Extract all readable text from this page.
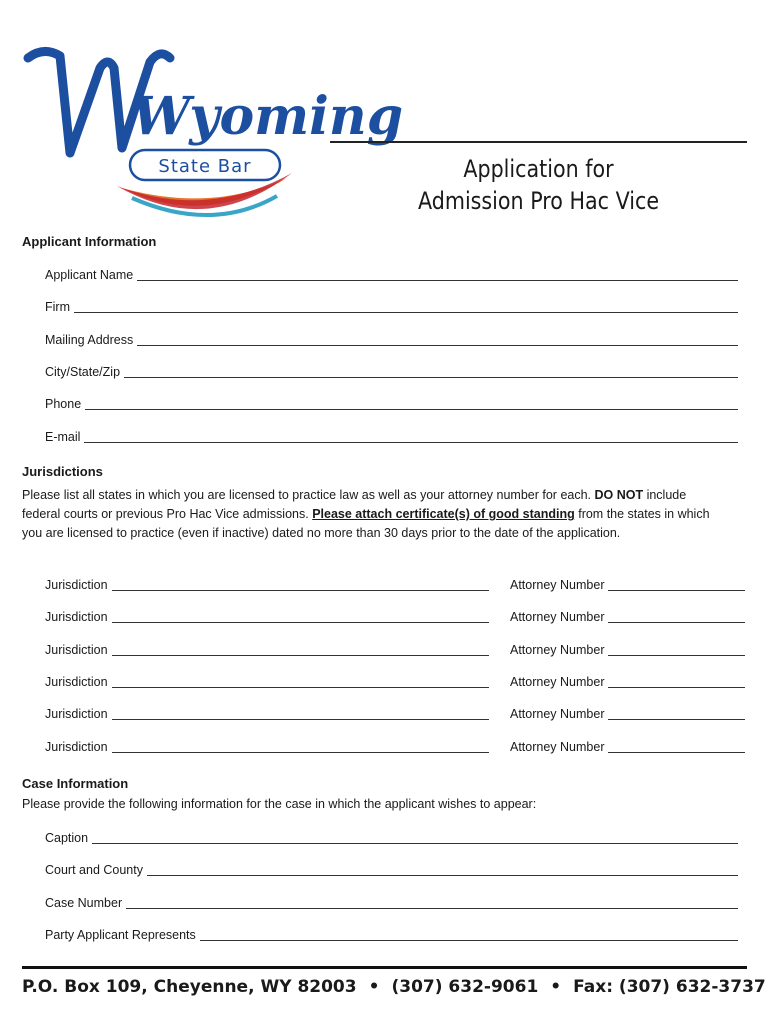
Wyoming
State Bar	Application for
Admission Pro Hac Vice
Applicant Information
Applicant Name
Firm
Mailing Address
City/State/Zip
Phone
E-mail
Jurisdictions
Please list all states in which you are licensed to practice law as well as your attorney number for each. DO NOT include federal courts or previous Pro Hac Vice admissions. Please attach certificate(s) of good standing from the states in which you are licensed to practice (even if inactive) dated no more than 30 days prior to the date of the application.
Jurisdiction	Attorney Number
Jurisdiction	Attorney Number
Jurisdiction	Attorney Number
Jurisdiction	Attorney Number
Jurisdiction	Attorney Number
Jurisdiction	Attorney Number
Case Information
Please provide the following information for the case in which the applicant wishes to appear:
Caption
Court and County
Case Number
Party Applicant Represents
P.O. Box 109, Cheyenne, WY 82003 • (307) 632-9061 • Fax: (307) 632-3737
